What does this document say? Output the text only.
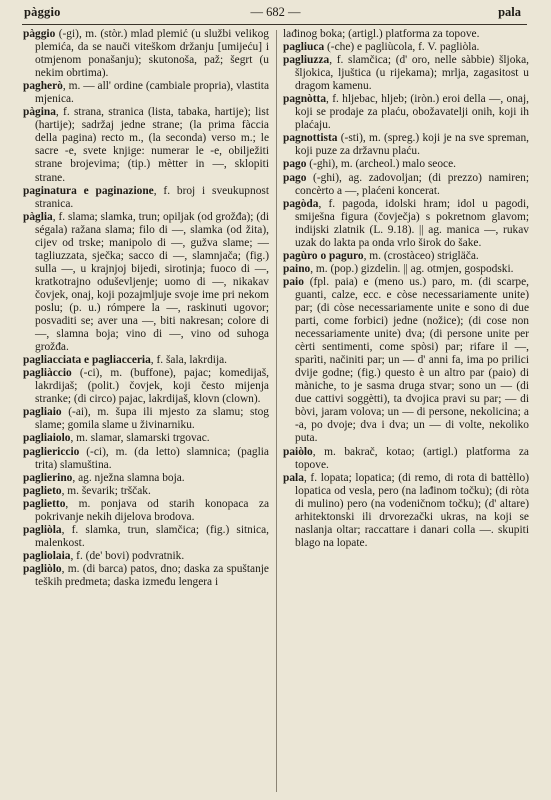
pàggio	— 682 —	pala

pàggio (-gi), m. (stòr.) mlad plemić (u službi velikog plemića, da se nauči viteškom držanju [umijeću] i otmjenom ponašanju); skutonoša, paž; šegrt (u nekim obrtima).

pagherò, m. — all' ordine (cambiale propria), vlastita mjenica.

pàgina, f. strana, stranica (lista, tabaka, hartije); list (hartije); sadržaj jedne strane; (la prima fàccia della pagina) recto m., (la seconda) verso m.; le sacre -e, svete knjige: numerar le -e, obilježiti strane brojevima; (tip.) mètter in —, sklopiti strane.

paginatura e paginazione, f. broj i sveukupnost stranica.

pàglia, f. slama; slamka, trun; opiljak (od grožđa); (di ségala) ražana slama; filo di —, slamka (od žita), cijev od trske; manipolo di —, gužva slame; — tagliuzzata, sječka; sacco di —, slamnjača; (fig.) sulla —, u krajnjoj bijedi, sirotinja; fuoco di —, kratkotrajno oduševljenje; uomo di —, nikakav čovjek, onaj, koji pozajmljuje svoje ime pri nekom poslu; (p. u.) rómpere la —, raskinuti ugovor; posvaditi se; aver una —, biti nakresan; colore di —, slamna boja; vino di —, vino od suhoga grožđa.

pagliacciata e pagliacceria, f. šala, lakrdija.

pagliàccio (-ci), m. (buffone), pajac; komedijaš, lakrdijaš; (polit.) čovjek, koji često mijenja stranke; (di circo) pajac, lakrdijaš, klovn (clown).

pagliaio (-ai), m. šupa ili mjesto za slamu; stog slame; gomila slame u živinarniku.

pagliaiolo, m. slamar, slamarski trgovac.

pagliericcio (-ci), m. (da letto) slamnica; (paglia trita) slamuština.

paglierino, ag. nježna slamna boja.

paglieto, m. ševarik; trščak.

paglietto, m. ponjava od starih konopaca za pokrivanje nekih dijelova brodova.

pagliòla, f. slamka, trun, slamčica; (fig.) sitnica, malenkost.

pagliolaia, f. (de' bovi) podvratnik.

pagliòlo, m. (di barca) patos, dno; daska za spuštanje teških predmeta; daska između lengera i

lađinog boka; (artigl.) platforma za topove.

pagliuca (-che) e pagliùcola, f. V. pagliòla.

pagliuzza, f. slamčica; (d' oro, nelle sàbbie) šljoka, šljokica, ljuštica (u rijekama); mrlja, zagasitost u dragom kamenu.

pagnòtta, f. hljebac, hljeb; (iròn.) eroi della —, onaj, koji se prodaje za plaću, obožavatelji onih, koji ih plaćaju.

pagnottista (-sti), m. (spreg.) koji je na sve spreman, koji puze za državnu plaću.

pago (-ghi), m. (archeol.) malo seoce.

pago (-ghi), ag. zadovoljan; (di prezzo) namiren; concèrto a —, plaćeni koncerat.

pagòda, f. pagoda, idolski hram; idol u pagodi, smiješna figura (čovječja) s pokretnom glavom; indijski zlatnik (L. 9.18). || ag. manica —, rukav uzak do lakta pa onda vrlo širok do šake.

pagùro o paguro, m. (crostàceo) strigläča.

paino, m. (pop.) gizdelin. || ag. otmjen, gospodski.

paio (fpl. paia) e (meno us.) paro, m. (di scarpe, guanti, calze, ecc. e còse necessariamente unite) par; (di còse necessariamente unite e sono di due parti, come forbici) jedne (nožice); (di cose non necessariamente unite) dva; (di persone unite per cèrti sentimenti, come spòsi) par; rifare il —, sparìti, načiniti par; un — d' anni fa, ima po prilici dvije godne; (fig.) questo è un altro par (paio) di màniche, to je sasma druga stvar; sono un — (di due cattivi soggètti), ta dvojica pravi su par; — di bòvi, jaram volova; un — di persone, nekolicina; a -a, po dvoje; dva i dva; un — di volte, nekoliko puta.

paiòlo, m. bakrač, kotao; (artigl.) platforma za topove.

pala, f. lopata; lopatica; (di remo, di rota di battèllo) lopatica od vesla, pero (na lađinom točku); (di ròta di mulino) pero (na vodeničnom točku); (d' altare) arhitektonski ili drvorezački ukras, na koji se naslanja oltar; raccattare i danari colla —. skupiti blago na lopate.
